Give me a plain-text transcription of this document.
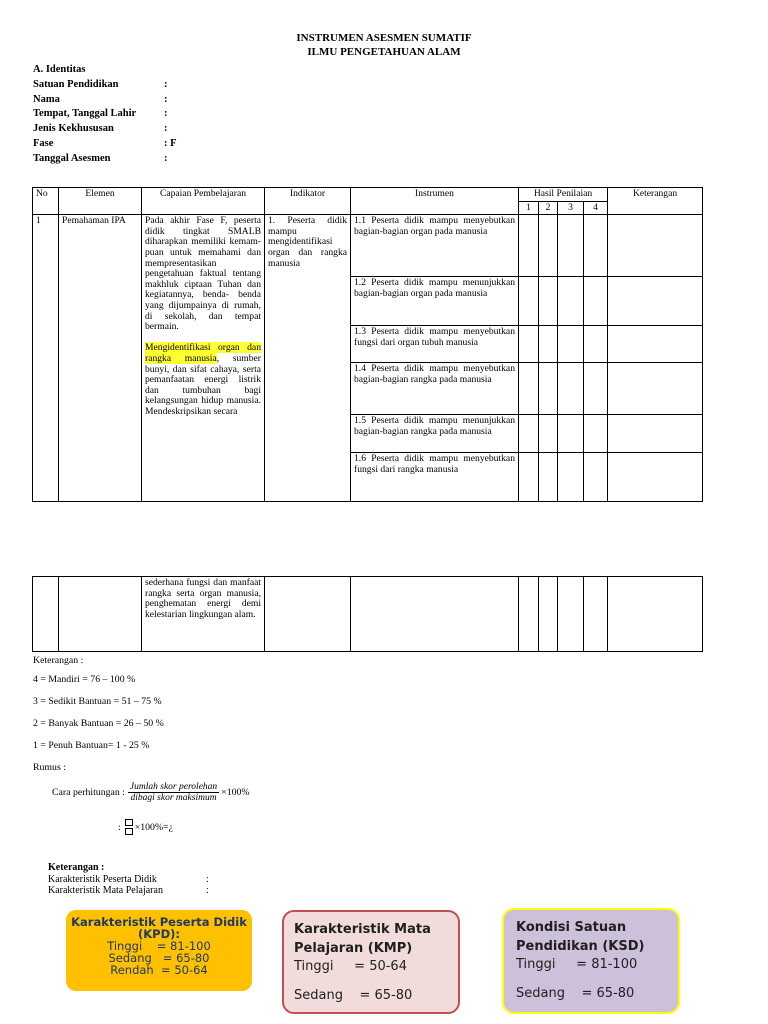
INSTRUMEN ASESMEN SUMATIF
ILMU PENGETAHUAN ALAM
A. Identitas
Satuan Pendidikan	:
Nama	:
Tempat, Tanggal Lahir	:
Jenis Kekhususan	:
Fase	: F
Tanggal Asesmen	:
No	Elemen	Capaian Pembelajaran	Indikator	Instrumen	Hasil Penilaian				Keterangan
					1	2	3	4	
1	Pemahaman IPA	Pada akhir Fase F, peserta didik tingkat SMALB diharapkan memiliki kemam-puan untuk memahami dan mempresentasikan pengetahuan faktual tentang makhluk ciptaan Tuhan dan kegiatannya, benda- benda yang dijumpainya di rumah, di sekolah, dan tempat bermain.

Mengidentifikasi organ dan rangka manusia, sumber bunyi, dan sifat cahaya, serta pemanfaatan energi listrik dan tumbuhan bagi kelangsungan hidup manusia. Mendeskripsikan secara	1. Peserta didik mampu mengidentifikasi organ dan rangka manusia	1.1 Peserta didik mampu menyebutkan bagian-bagian organ pada manusia					
				1.2 Peserta didik mampu menunjukkan bagian-bagian organ pada manusia					
				1.3 Peserta didik mampu menyebutkan fungsi dari organ tubuh manusia					
				1.4 Peserta didik mampu menyebutkan bagian-bagian rangka pada manusia					
				1.5 Peserta didik mampu menunjukkan bagian-bagian rangka pada manusia					
				1.6 Peserta didik mampu menyebutkan fungsi dari rangka manusia					
		sederhana fungsi dan manfaat rangka serta organ manusia, penghematan energi demi kelestarian lingkungan alam.							
Keterangan :
4 = Mandiri = 76 – 100 %
3 = Sedikit Bantuan = 51 – 75 %
2 = Banyak Bantuan = 26 – 50 %
1 = Penuh Bantuan= 1 - 25 %
Rumus :
Cara perhitungan : $\frac{\text{Jumlah skor perolehan}}{\text{dibagi skor maksimum}} \times 100\%$
: ×100%=¿
Keterangan :
Karakteristik Peserta Didik	:
Karakteristik Mata Pelajaran	:
Karakteristik Peserta Didik (KPD):
Tinggi    = 81-100
Sedang   = 65-80
Rendah  = 50-64
Karakteristik Mata Pelajaran (KMP)
Tinggi     = 50-64
Sedang    = 65-80
Kondisi Satuan Pendidikan (KSD)
Tinggi     = 81-100
Sedang    = 65-80
